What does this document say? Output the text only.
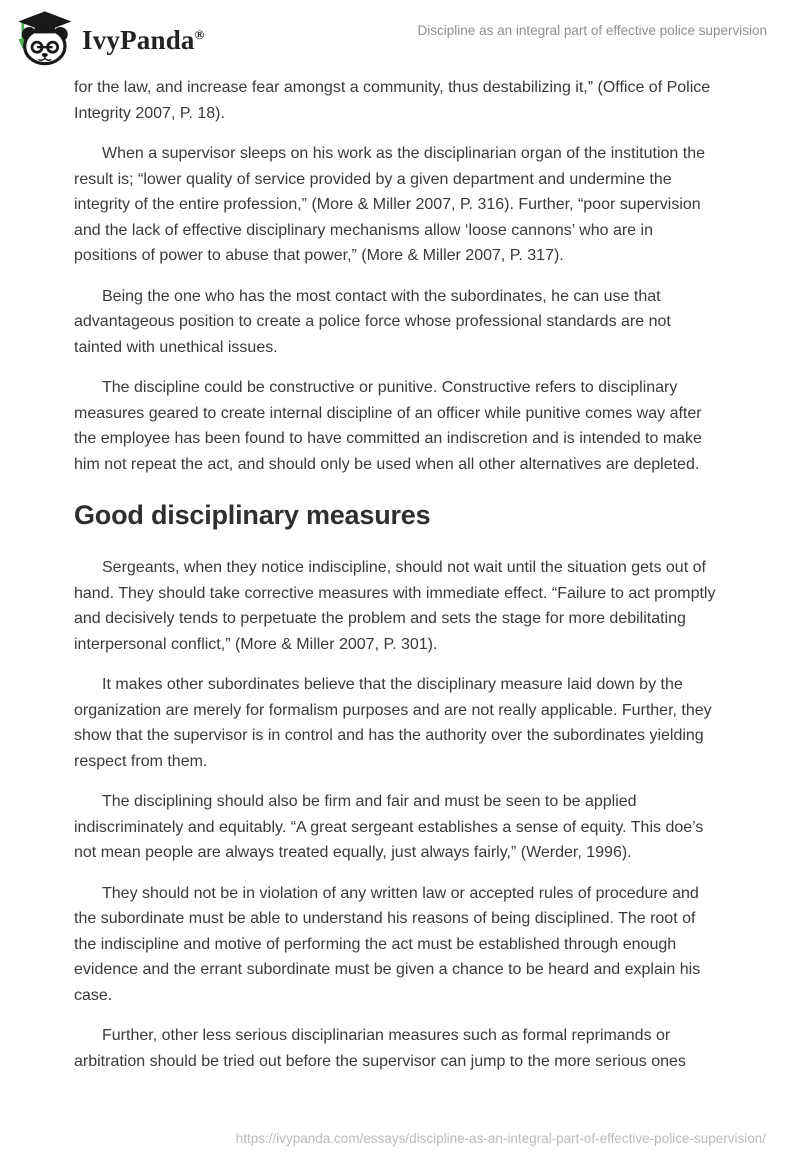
IvyPanda®	Discipline as an integral part of effective police supervision

for the law, and increase fear amongst a community, thus destabilizing it,” (Office of Police Integrity 2007, P. 18).

When a supervisor sleeps on his work as the disciplinarian organ of the institution the result is; “lower quality of service provided by a given department and undermine the integrity of the entire profession,” (More & Miller 2007, P. 316). Further, “poor supervision and the lack of effective disciplinary mechanisms allow ‘loose cannons’ who are in positions of power to abuse that power,” (More & Miller 2007, P. 317).

Being the one who has the most contact with the subordinates, he can use that advantageous position to create a police force whose professional standards are not tainted with unethical issues.

The discipline could be constructive or punitive. Constructive refers to disciplinary measures geared to create internal discipline of an officer while punitive comes way after the employee has been found to have committed an indiscretion and is intended to make him not repeat the act, and should only be used when all other alternatives are depleted.

Good disciplinary measures

Sergeants, when they notice indiscipline, should not wait until the situation gets out of hand. They should take corrective measures with immediate effect. “Failure to act promptly and decisively tends to perpetuate the problem and sets the stage for more debilitating interpersonal conflict,” (More & Miller 2007, P. 301).

It makes other subordinates believe that the disciplinary measure laid down by the organization are merely for formalism purposes and are not really applicable. Further, they show that the supervisor is in control and has the authority over the subordinates yielding respect from them.

The disciplining should also be firm and fair and must be seen to be applied indiscriminately and equitably. “A great sergeant establishes a sense of equity. This doe’s not mean people are always treated equally, just always fairly,” (Werder, 1996).

They should not be in violation of any written law or accepted rules of procedure and the subordinate must be able to understand his reasons of being disciplined. The root of the indiscipline and motive of performing the act must be established through enough evidence and the errant subordinate must be given a chance to be heard and explain his case.

Further, other less serious disciplinarian measures such as formal reprimands or arbitration should be tried out before the supervisor can jump to the more serious ones

https://ivypanda.com/essays/discipline-as-an-integral-part-of-effective-police-supervision/
